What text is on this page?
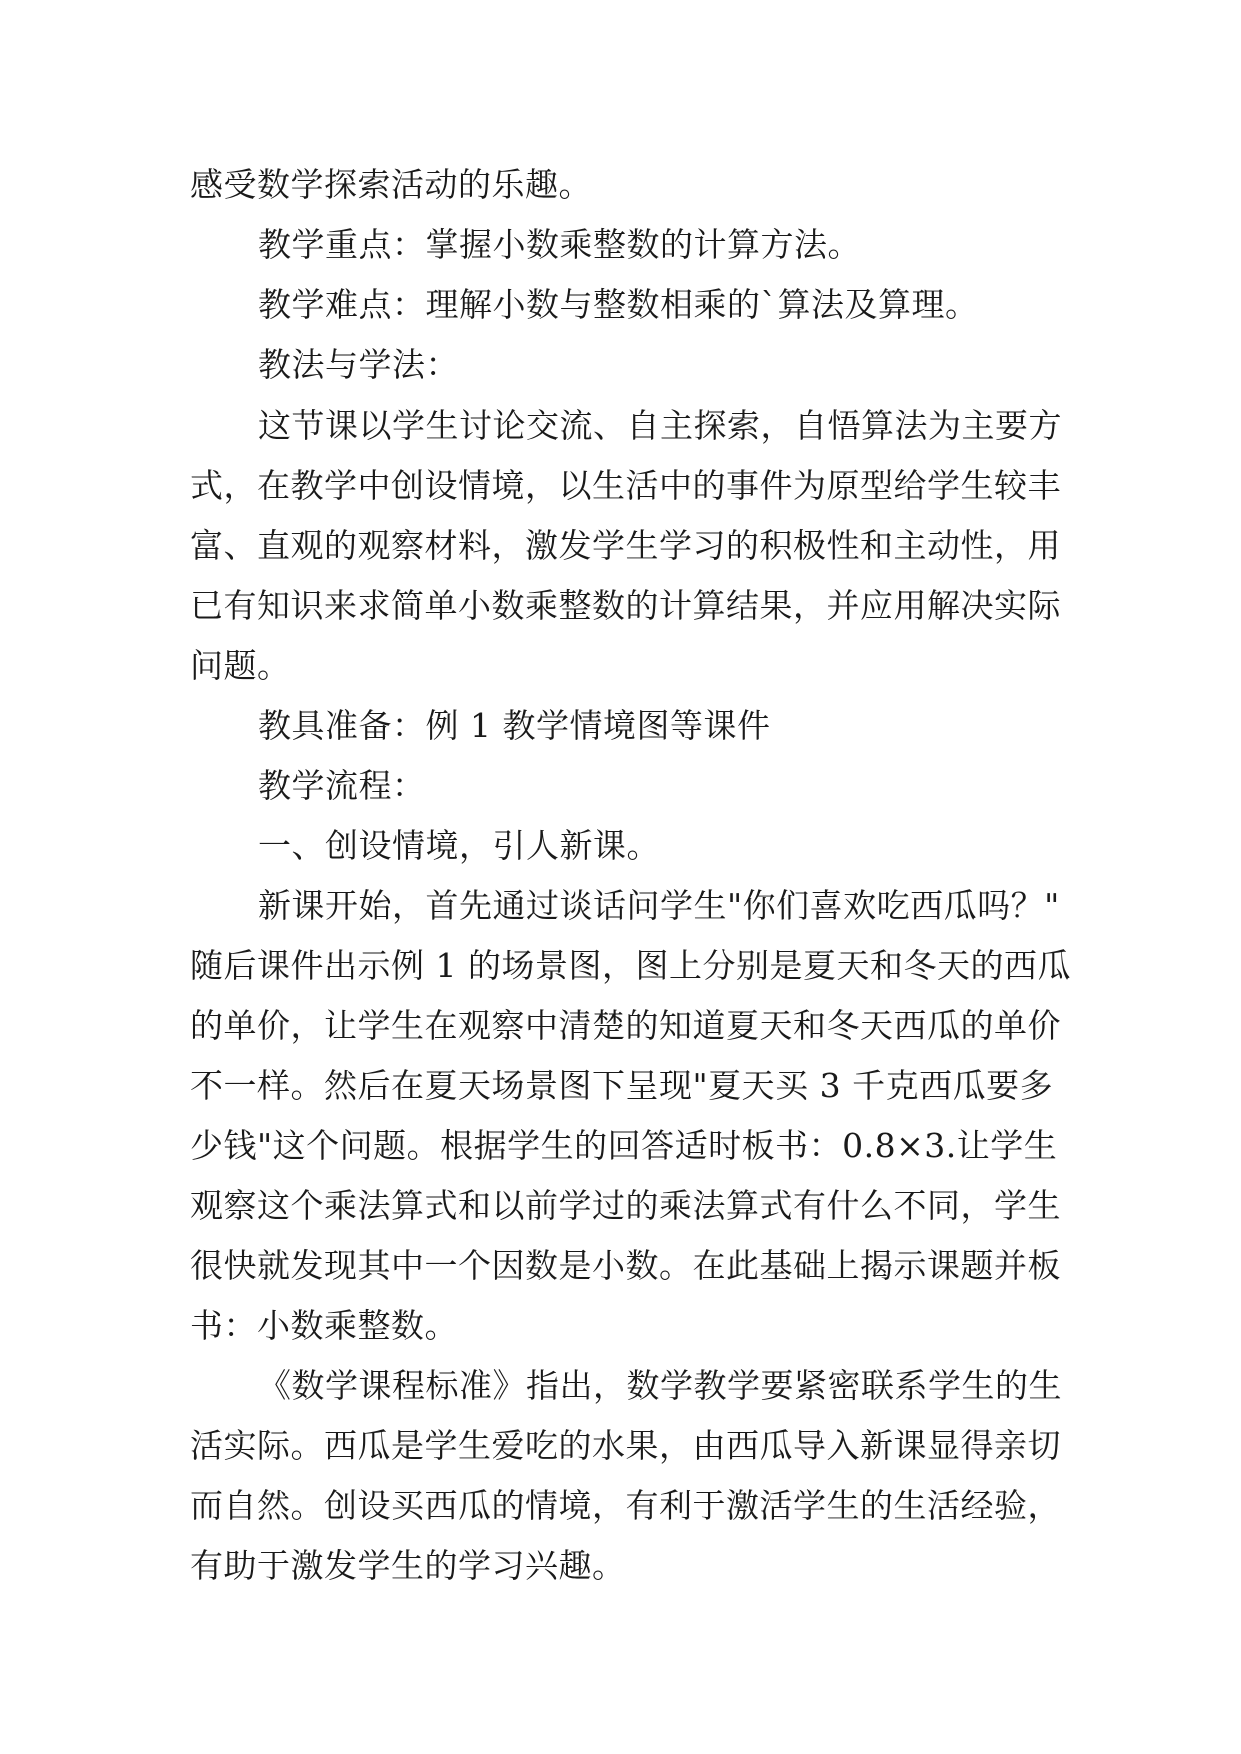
感受数学探索活动的乐趣。
教学重点：掌握小数乘整数的计算方法。
教学难点：理解小数与整数相乘的`算法及算理。
教法与学法：
这节课以学生讨论交流、自主探索，自悟算法为主要方
式，在教学中创设情境，以生活中的事件为原型给学生较丰
富、直观的观察材料，激发学生学习的积极性和主动性，用
已有知识来求简单小数乘整数的计算结果，并应用解决实际
问题。
教具准备：例 1 教学情境图等课件
教学流程：
一、创设情境，引人新课。
新课开始，首先通过谈话问学生"你们喜欢吃西瓜吗？"
随后课件出示例 1 的场景图，图上分别是夏天和冬天的西瓜
的单价，让学生在观察中清楚的知道夏天和冬天西瓜的单价
不一样。然后在夏天场景图下呈现"夏天买 3 千克西瓜要多
少钱"这个问题。根据学生的回答适时板书：0.8×3.让学生
观察这个乘法算式和以前学过的乘法算式有什么不同，学生
很快就发现其中一个因数是小数。在此基础上揭示课题并板
书：小数乘整数。
《数学课程标准》指出，数学教学要紧密联系学生的生
活实际。西瓜是学生爱吃的水果，由西瓜导入新课显得亲切
而自然。创设买西瓜的情境，有利于激活学生的生活经验，
有助于激发学生的学习兴趣。
